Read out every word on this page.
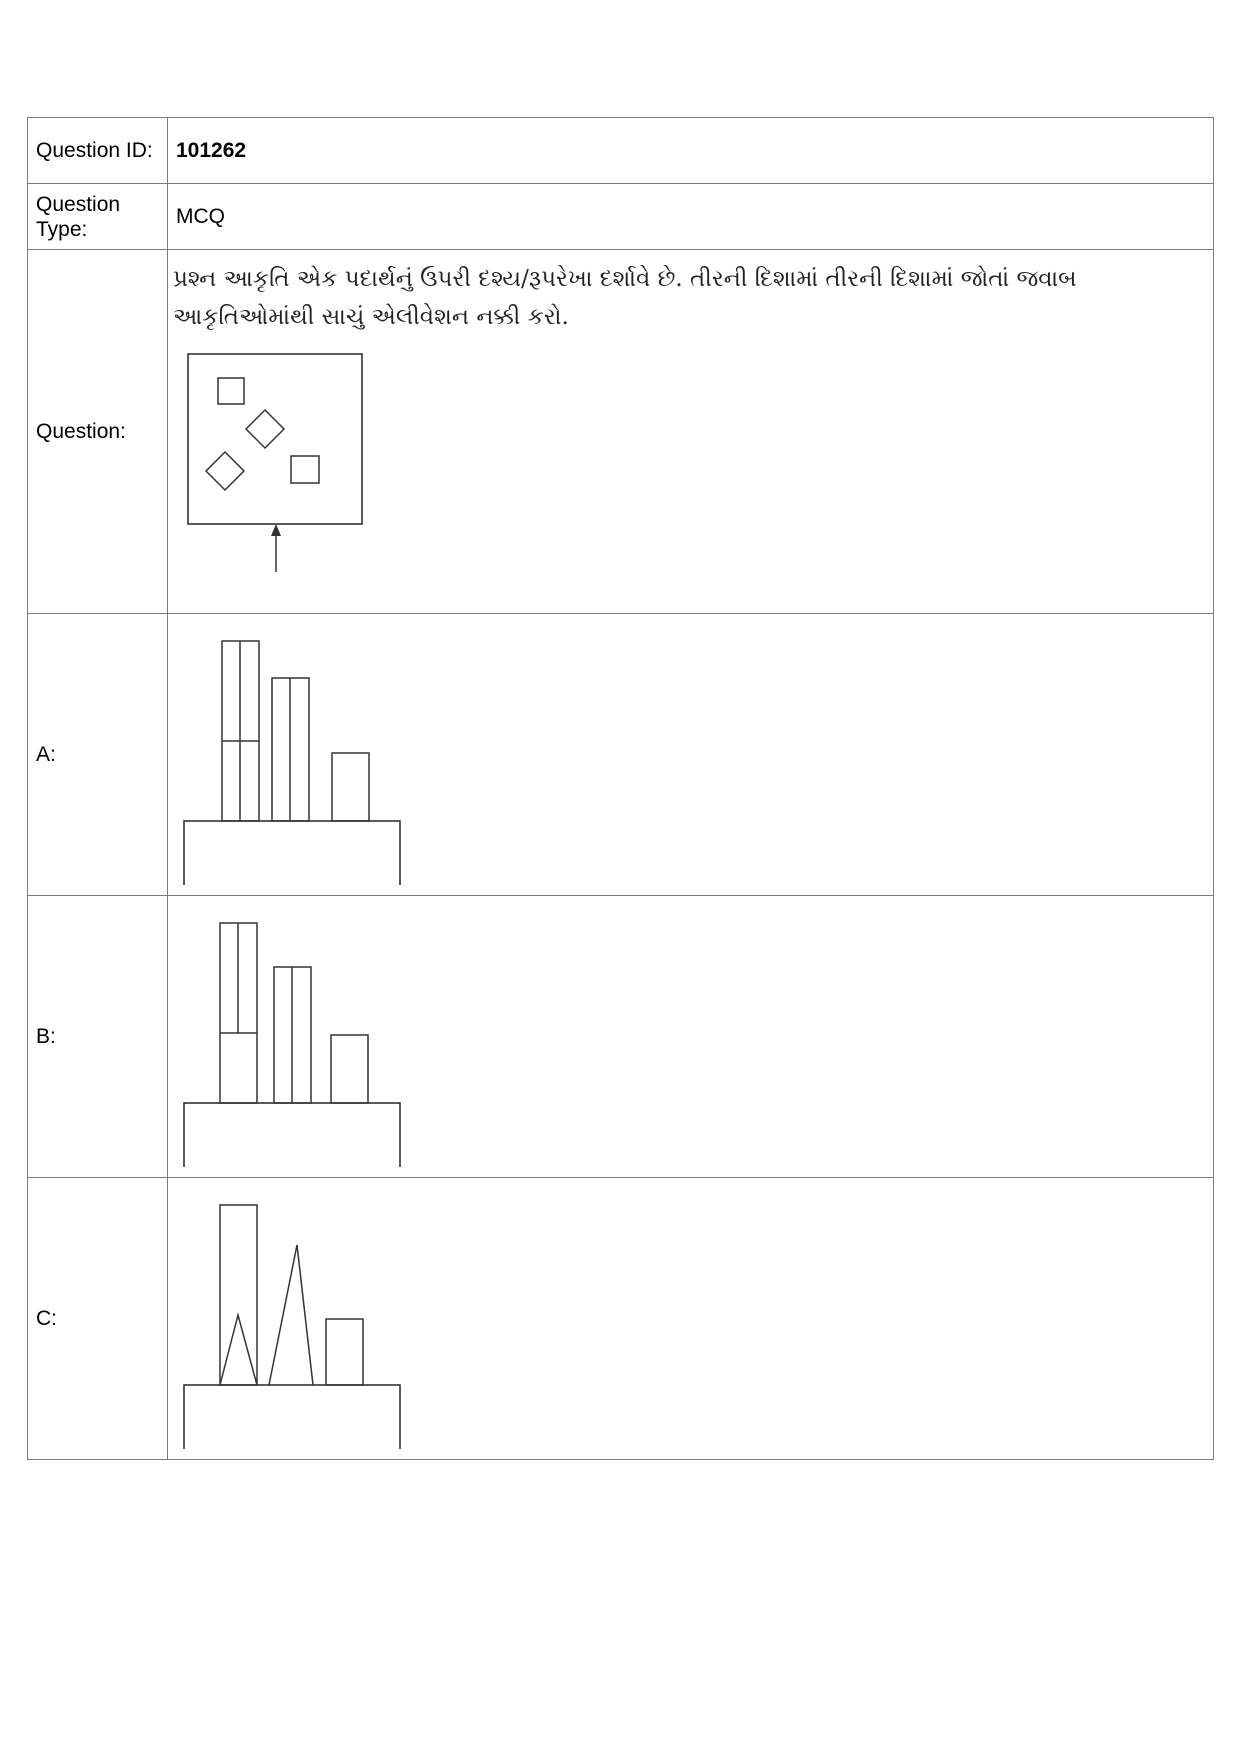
Question ID:	101262
Question Type:	MCQ
Question:	પ્રશ્ન આકૃતિ એક પદાર્થનું ઉપરી દશ્ય/રૂપરેખા દર્શાવે છે. તીરની દિશામાં તીરની દિશામાં જોતાં જવાબ આકૃતિઓમાંથી સાચું એલીવેશન નક્કી કરો.

A:	

B:	

C:	
